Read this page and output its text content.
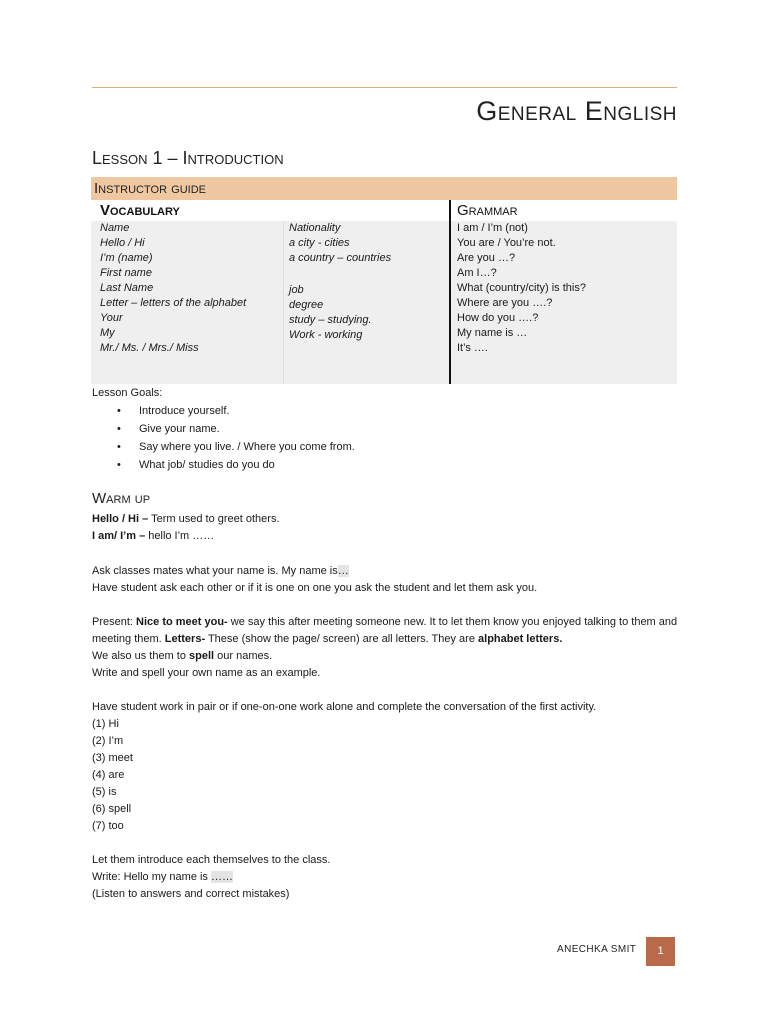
General English
Lesson 1 – Introduction
Instructor guide
Vocabulary	Grammar
Name
Hello / Hi
I’m (name)
First name
Last Name
Letter – letters of the alphabet
Your
My
Mr./ Ms. / Mrs./ Miss
Nationality
a city - cities
a country – countries
job
degree
study – studying.
Work - working
I am / I’m (not)
You are / You’re not.
Are you …?
Am I…?
What (country/city) is this?
Where are you ….?
How do you ….?
My name is …
It’s ….
Lesson Goals:
• Introduce yourself.
• Give your name.
• Say where you live. / Where you come from.
• What job/ studies do you do
Warm up
Hello / Hi – Term used to greet others.
I am/ I’m – hello I’m ……
Ask classes mates what your name is. My name is…
Have student ask each other or if it is one on one you ask the student and let them ask you.
Present: Nice to meet you- we say this after meeting someone new. It to let them know you enjoyed talking to them and meeting them. Letters- These (show the page/ screen) are all letters. They are alphabet letters.
We also us them to spell our names.
Write and spell your own name as an example.
Have student work in pair or if one-on-one work alone and complete the conversation of the first activity.
(1) Hi
(2) I’m
(3) meet
(4) are
(5) is
(6) spell
(7) too
Let them introduce each themselves to the class.
Write: Hello my name is ……
(Listen to answers and correct mistakes)
ANECHKA SMIT	1
